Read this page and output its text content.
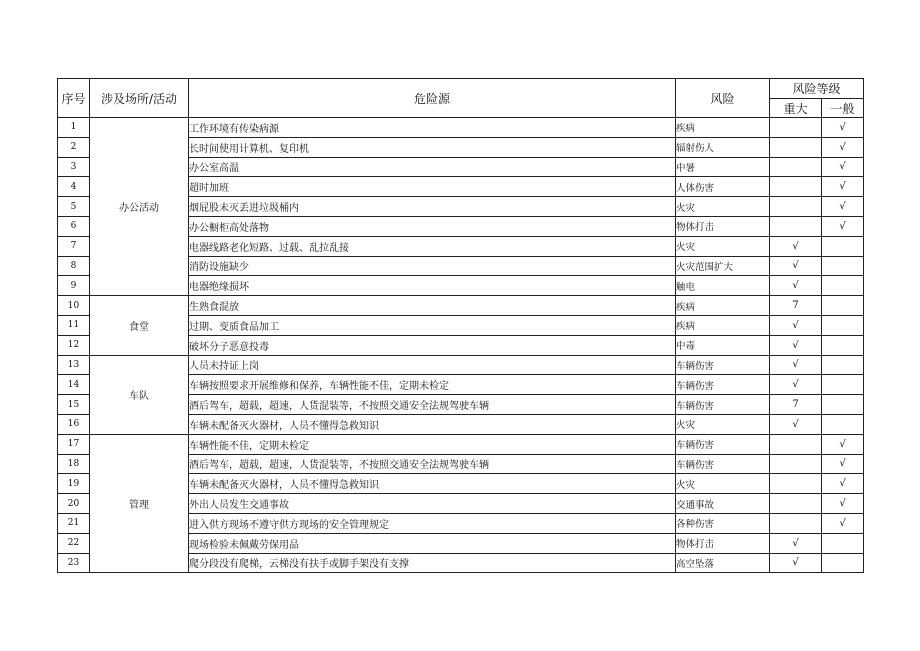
序号	涉及场所/活动	危险源	风险	风险等级	
				重大	一般
1	办公活动	工作环境有传染病源	疾病		√
2		长时间使用计算机、复印机	辐射伤人		√
3		办公室高温	中暑		√
4		超时加班	人体伤害		√
5		烟屁股未灭丢进垃圾桶内	火灾		√
6		办公橱柜高处落物	物体打击		√
7		电器线路老化短路、过载、乱拉乱接	火灾	√	
8		消防设施缺少	火灾范围扩大	√	
9		电器绝缘损坏	触电	√	
10	食堂	生熟食混放	疾病	7	
11		过期、变质食品加工	疾病	√	
12		破坏分子恶意投毒	中毒	√	
13	车队	人员未持证上岗	车辆伤害	√	
14		车辆按照要求开展维修和保养，车辆性能不佳，定期未检定	车辆伤害	√	
15		酒后驾车，超载，超速，人货混装等，不按照交通安全法规驾驶车辆	车辆伤害	7	
16		车辆未配备灭火器材，人员不懂得急救知识	火灾	√	
17	管理	车辆性能不佳，定期未检定	车辆伤害		√
18		酒后驾车，超载，超速，人货混装等，不按照交通安全法规驾驶车辆	车辆伤害		√
19		车辆未配备灭火器材，人员不懂得急救知识	火灾		√
20		外出人员发生交通事故	交通事故		√
21		进入供方现场不遵守供方现场的安全管理规定	各种伤害		√
22		现场检验未佩戴劳保用品	物体打击	√	
23		爬分段没有爬梯，云梯没有扶手或脚手架没有支撑	高空坠落	√	
